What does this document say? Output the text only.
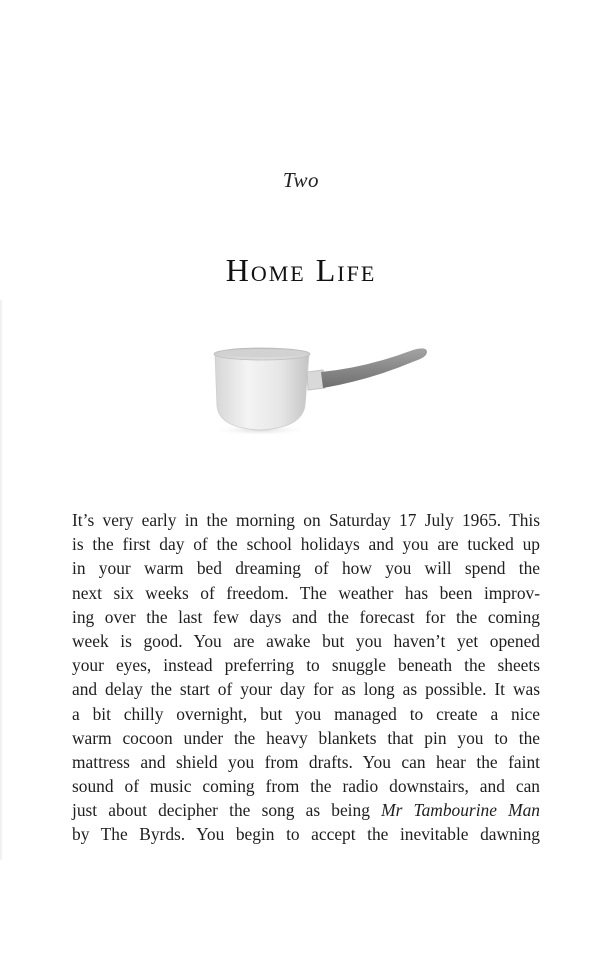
Two
Home Life
It’s very early in the morning on Saturday 17 July 1965. This
is the first day of the school holidays and you are tucked up
in your warm bed dreaming of how you will spend the
next six weeks of freedom. The weather has been improv-
ing over the last few days and the forecast for the coming
week is good. You are awake but you haven’t yet opened
your eyes, instead preferring to snuggle beneath the sheets
and delay the start of your day for as long as possible. It was
a bit chilly overnight, but you managed to create a nice
warm cocoon under the heavy blankets that pin you to the
mattress and shield you from drafts. You can hear the faint
sound of music coming from the radio downstairs, and can
just about decipher the song as being Mr Tambourine Man
by The Byrds. You begin to accept the inevitable dawning
